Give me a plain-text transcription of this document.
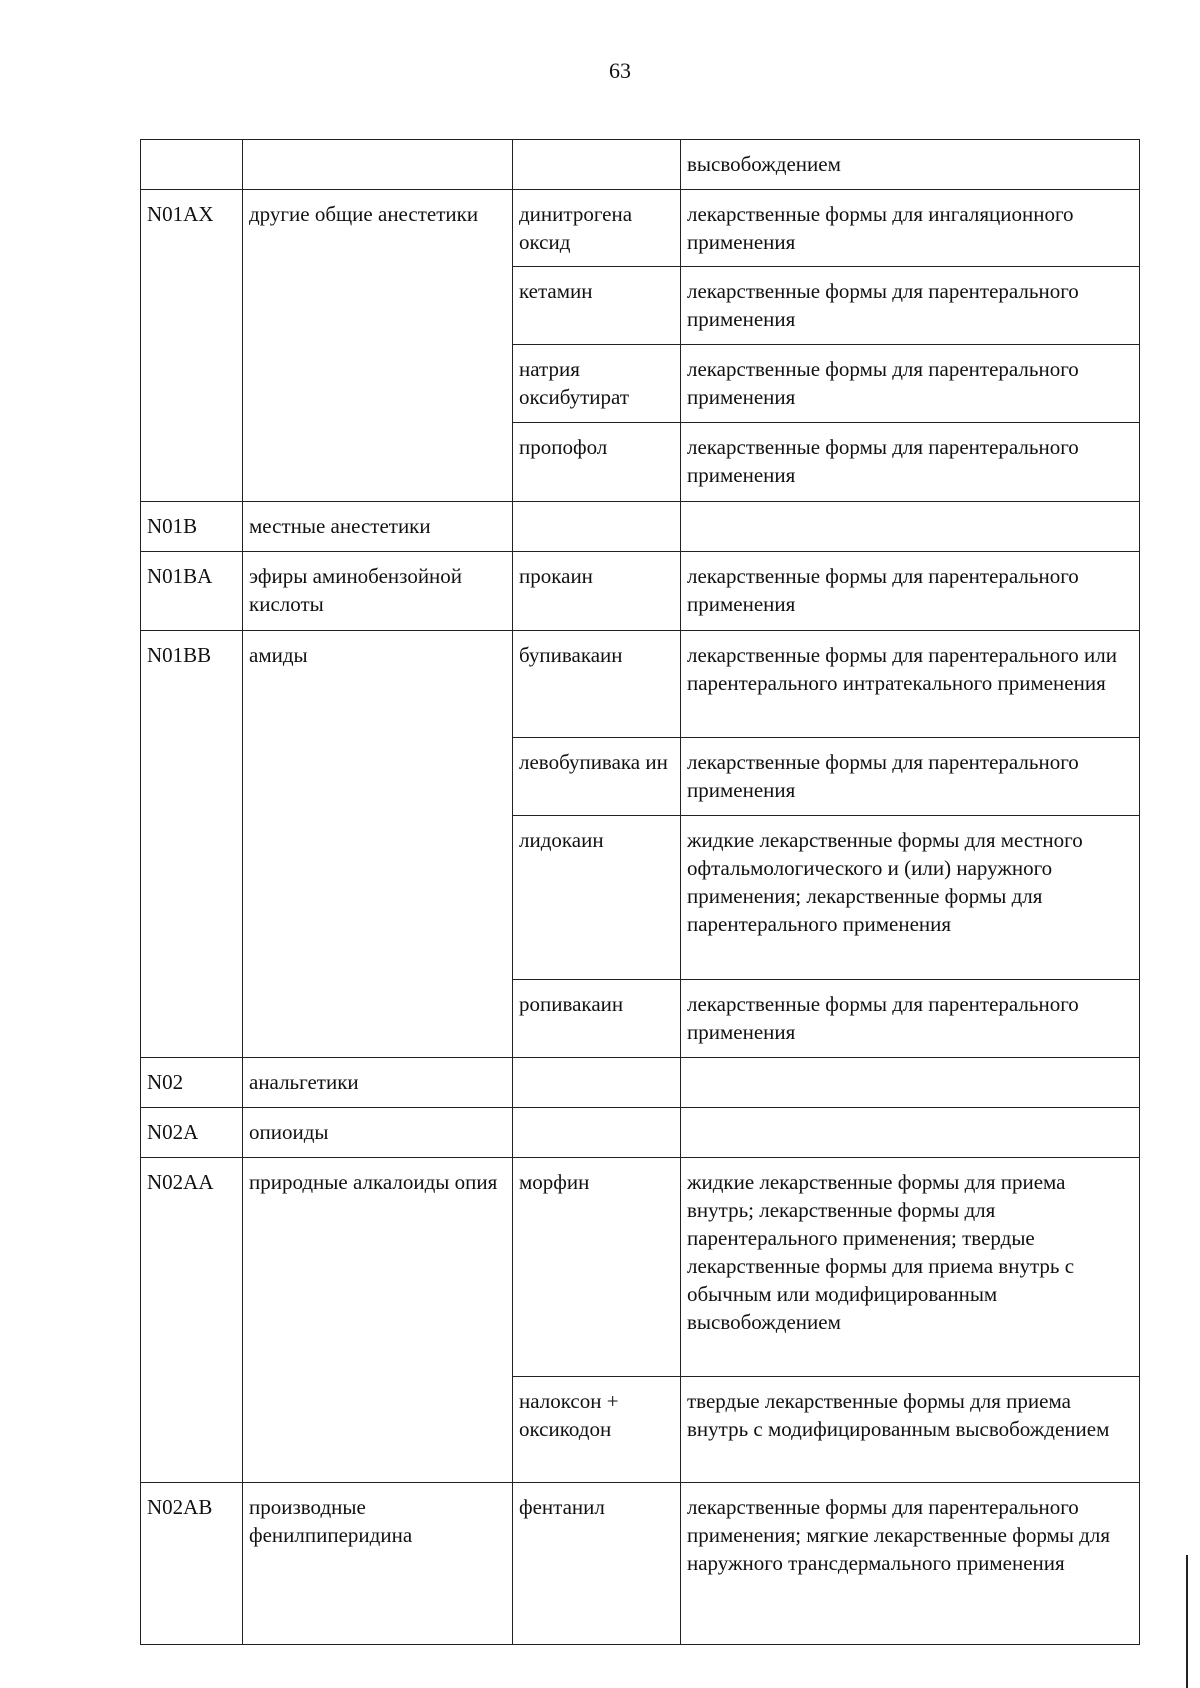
63
			высвобождением
N01AX	другие общие анестетики	динитрогена оксид	лекарственные формы для ингаляционного применения
		кетамин	лекарственные формы для парентерального применения
		натрия оксибутират	лекарственные формы для парентерального применения
		пропофол	лекарственные формы для парентерального применения
N01B	местные анестетики		
N01BA	эфиры аминобензойной кислоты	прокаин	лекарственные формы для парентерального применения
N01BB	амиды	бупивакаин	лекарственные формы для парентерального или парентерального интратекального применения
		левобупивака ин	лекарственные формы для парентерального применения
		лидокаин	жидкие лекарственные формы для местного офтальмологического и (или) наружного применения; лекарственные формы для парентерального применения
		ропивакаин	лекарственные формы для парентерального применения
N02	анальгетики		
N02A	опиоиды		
N02AA	природные алкалоиды опия	морфин	жидкие лекарственные формы для приема внутрь; лекарственные формы для парентерального применения; твердые лекарственные формы для приема внутрь с обычным или модифицированным высвобождением
		налоксон + оксикодон	твердые лекарственные формы для приема внутрь с модифицированным высвобождением
N02AB	производные фенилпиперидина	фентанил	лекарственные формы для парентерального применения; мягкие лекарственные формы для наружного трансдермального применения
